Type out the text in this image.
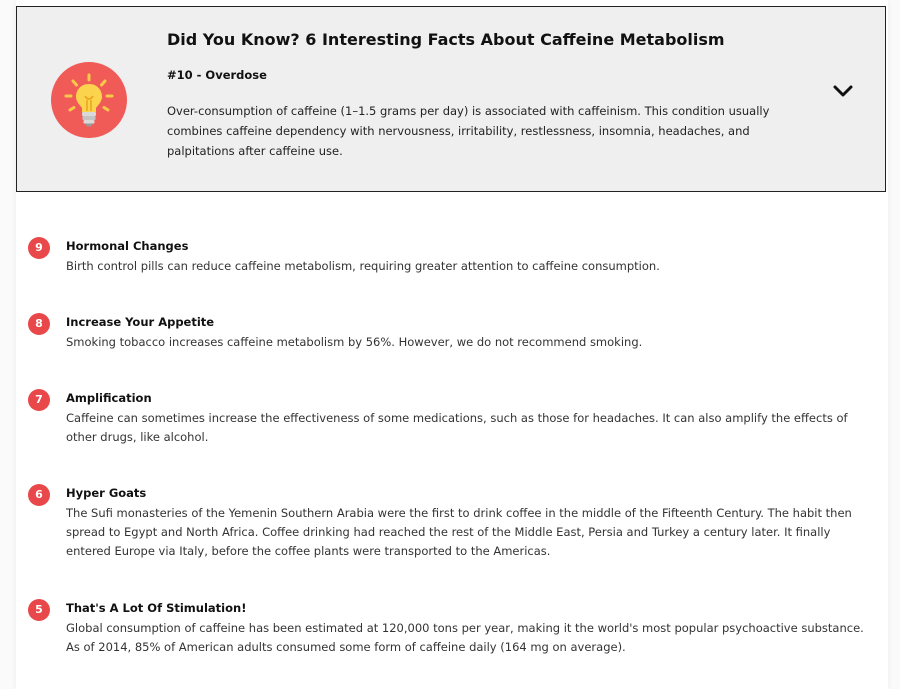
Did You Know? 6 Interesting Facts About Caffeine Metabolism
#10 - Overdose
Over-consumption of caffeine (1–1.5 grams per day) is associated with caffeinism. This condition usually combines caffeine dependency with nervousness, irritability, restlessness, insomnia, headaches, and palpitations after caffeine use.
9	Hormonal Changes
Birth control pills can reduce caffeine metabolism, requiring greater attention to caffeine consumption.
8	Increase Your Appetite
Smoking tobacco increases caffeine metabolism by 56%. However, we do not recommend smoking.
7	Amplification
Caffeine can sometimes increase the effectiveness of some medications, such as those for headaches. It can also amplify the effects of other drugs, like alcohol.
6	Hyper Goats
The Sufi monasteries of the Yemenin Southern Arabia were the first to drink coffee in the middle of the Fifteenth Century. The habit then spread to Egypt and North Africa. Coffee drinking had reached the rest of the Middle East, Persia and Turkey a century later. It finally entered Europe via Italy, before the coffee plants were transported to the Americas.
5	That's A Lot Of Stimulation!
Global consumption of caffeine has been estimated at 120,000 tons per year, making it the world's most popular psychoactive substance. As of 2014, 85% of American adults consumed some form of caffeine daily (164 mg on average).
